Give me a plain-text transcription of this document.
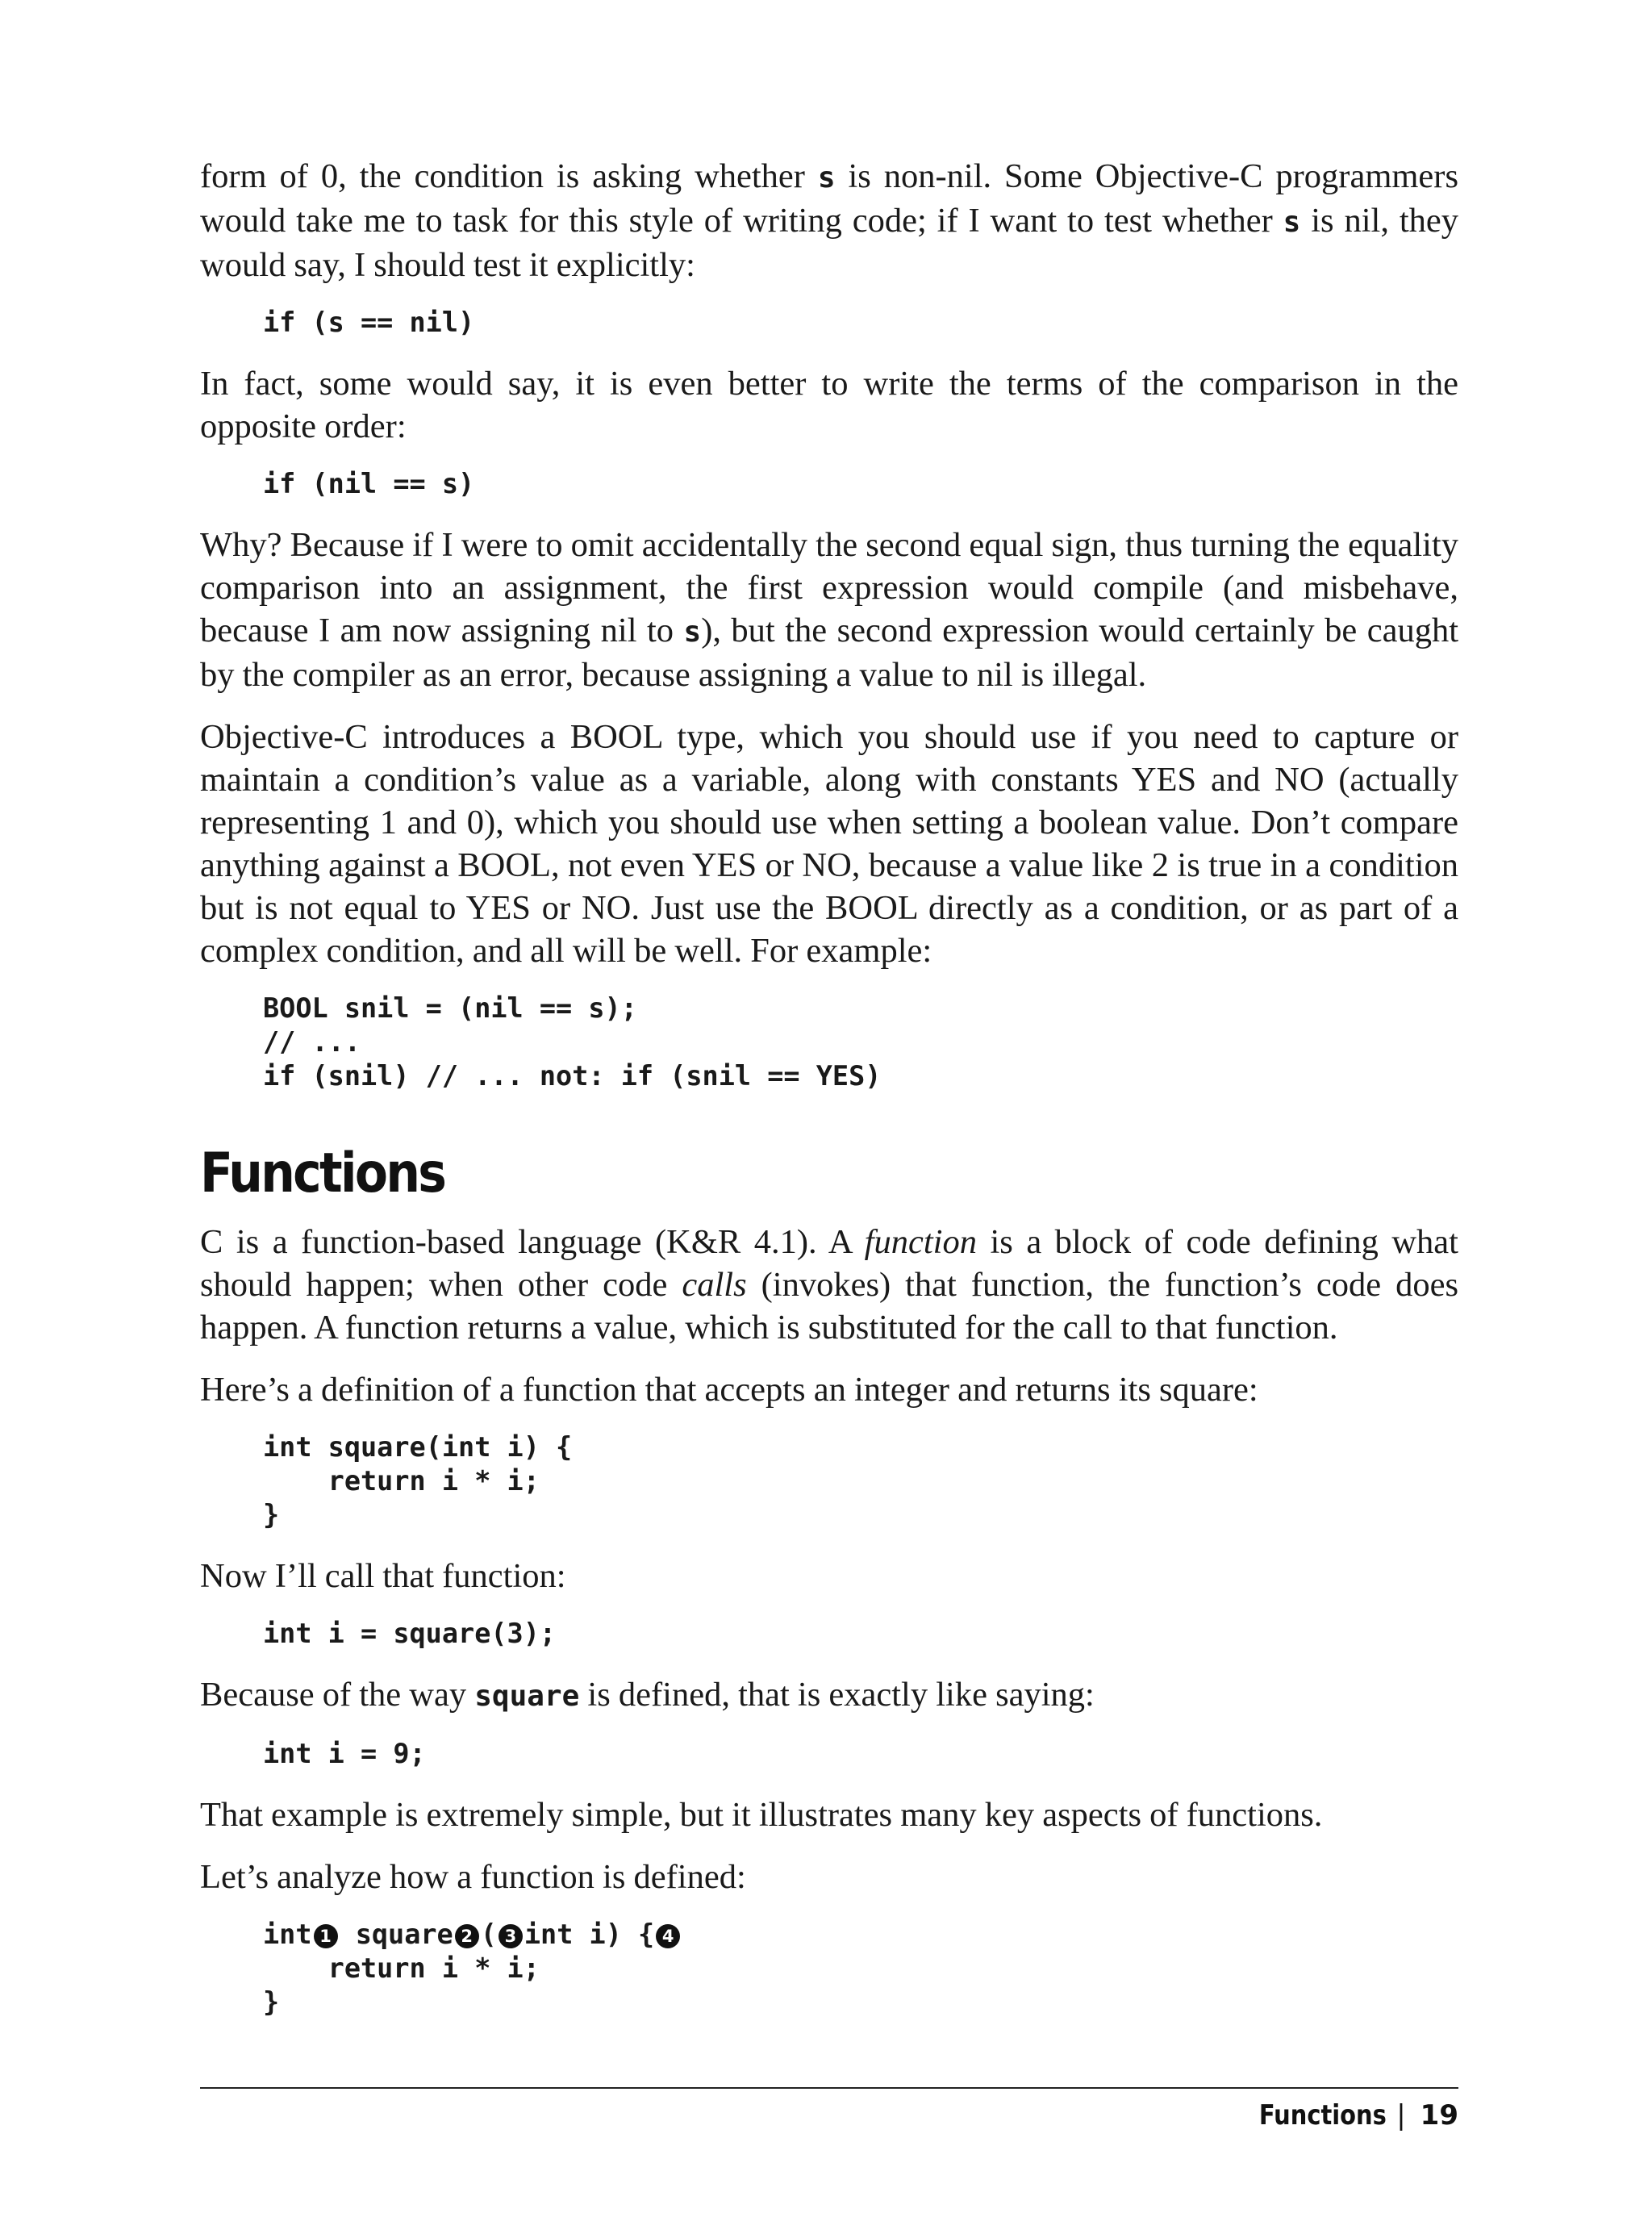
form of 0, the condition is asking whether s is non-nil. Some Objective-C programmers would take me to task for this style of writing code; if I want to test whether s is nil, they would say, I should test it explicitly:

if (s == nil)

In fact, some would say, it is even better to write the terms of the comparison in the opposite order:

if (nil == s)

Why? Because if I were to omit accidentally the second equal sign, thus turning the equality comparison into an assignment, the first expression would compile (and misbehave, because I am now assigning nil to s), but the second expression would certainly be caught by the compiler as an error, because assigning a value to nil is illegal.

Objective-C introduces a BOOL type, which you should use if you need to capture or maintain a condition’s value as a variable, along with constants YES and NO (actually representing 1 and 0), which you should use when setting a boolean value. Don’t compare anything against a BOOL, not even YES or NO, because a value like 2 is true in a condition but is not equal to YES or NO. Just use the BOOL directly as a condition, or as part of a complex condition, and all will be well. For example:

BOOL snil = (nil == s);
// ...
if (snil) // ... not: if (snil == YES)
Functions

C is a function-based language (K&R 4.1). A function is a block of code defining what should happen; when other code calls (invokes) that function, the function’s code does happen. A function returns a value, which is substituted for the call to that function.

Here’s a definition of a function that accepts an integer and returns its square:

int square(int i) {
return i * i;
}

Now I’ll call that function:

int i = square(3);

Because of the way square is defined, that is exactly like saying:

int i = 9;

That example is extremely simple, but it illustrates many key aspects of functions.

Let’s analyze how a function is defined:

int 1 square 2 ( 3 int i) { 4
return i * i;
}
Functions | 19
